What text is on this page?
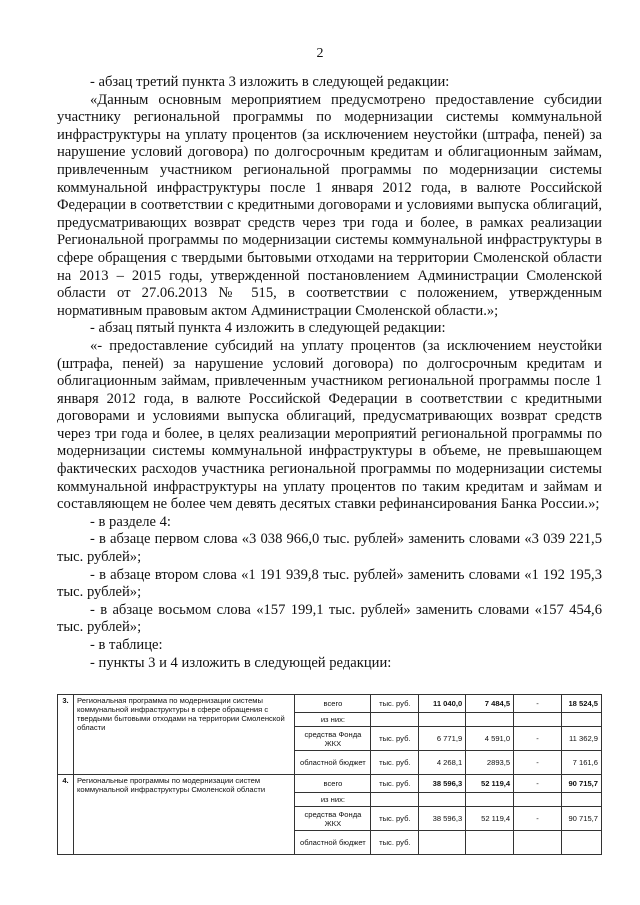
2

- абзац третий пункта 3 изложить в следующей редакции:

«Данным основным мероприятием предусмотрено предоставление субсидии участнику региональной программы по модернизации системы коммунальной инфраструктуры на уплату процентов (за исключением неустойки (штрафа, пеней) за нарушение условий договора) по долгосрочным кредитам и облигационным займам, привлеченным участником региональной программы по модернизации системы коммунальной инфраструктуры после 1 января 2012 года, в валюте Российской Федерации в соответствии с кредитными договорами и условиями выпуска облигаций, предусматривающих возврат средств через три года и более, в рамках реализации Региональной программы по модернизации системы коммунальной инфраструктуры в сфере обращения с твердыми бытовыми отходами на территории Смоленской области на 2013 – 2015 годы, утвержденной постановлением Администрации Смоленской области от 27.06.2013 № 515, в соответствии с положением, утвержденным нормативным правовым актом Администрации Смоленской области.»;

- абзац пятый пункта 4 изложить в следующей редакции:

«- предоставление субсидий на уплату процентов (за исключением неустойки (штрафа, пеней) за нарушение условий договора) по долгосрочным кредитам и облигационным займам, привлеченным участником региональной программы после 1 января 2012 года, в валюте Российской Федерации в соответствии с кредитными договорами и условиями выпуска облигаций, предусматривающих возврат средств через три года и более, в целях реализации мероприятий региональной программы по модернизации системы коммунальной инфраструктуры в объеме, не превышающем фактических расходов участника региональной программы по модернизации системы коммунальной инфраструктуры на уплату процентов по таким кредитам и займам и составляющем не более чем девять десятых ставки рефинансирования Банка России.»;

- в разделе 4:

- в абзаце первом слова «3 038 966,0 тыс. рублей» заменить словами «3 039 221,5 тыс. рублей»;

- в абзаце втором слова «1 191 939,8 тыс. рублей» заменить словами «1 192 195,3 тыс. рублей»;

- в абзаце восьмом слова «157 199,1 тыс. рублей» заменить словами «157 454,6 тыс. рублей»;

- в таблице:

- пункты 3 и 4 изложить в следующей редакции:

3.	Региональная программа по модернизации системы коммунальной инфраструктуры в сфере обращения с твердыми бытовыми отходами на территории Смоленской области	всего	тыс. руб.	11 040,0	7 484,5	-	18 524,5
		из них:					
		средства Фонда ЖКХ	тыс. руб.	6 771,9	4 591,0	-	11 362,9
		областной бюджет	тыс. руб.	4 268,1	2893,5	-	7 161,6
4.	Региональные программы по модернизации систем коммунальной инфраструктуры Смоленской области	всего	тыс. руб.	38 596,3	52 119,4	-	90 715,7
		из них:					
		средства Фонда ЖКХ	тыс. руб.	38 596,3	52 119,4	-	90 715,7
		областной бюджет	тыс. руб.				
